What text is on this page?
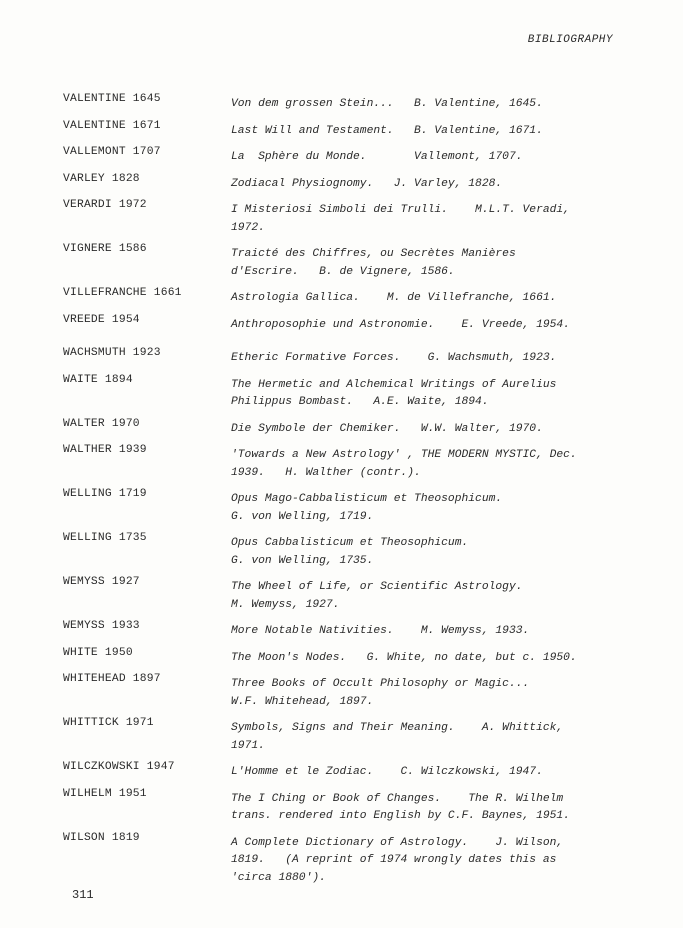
BIBLIOGRAPHY
VALENTINE 1645	Von dem grossen Stein...   B. Valentine, 1645.
VALENTINE 1671	Last Will and Testament.   B. Valentine, 1671.
VALLEMONT 1707	La  Sphère du Monde.       Vallemont, 1707.
VARLEY 1828	Zodiacal Physiognomy.   J. Varley, 1828.
VERARDI 1972	I Misteriosi Simboli dei Trulli.    M.L.T. Veradi,
1972.
VIGNERE 1586	Traicté des Chiffres, ou Secrètes Manières
d'Escrire.   B. de Vignere, 1586.
VILLEFRANCHE 1661	Astrologia Gallica.    M. de Villefranche, 1661.
VREEDE 1954	Anthroposophie und Astronomie.    E. Vreede, 1954.
WACHSMUTH 1923	Etheric Formative Forces.    G. Wachsmuth, 1923.
WAITE 1894	The Hermetic and Alchemical Writings of Aurelius
Philippus Bombast.   A.E. Waite, 1894.
WALTER 1970	Die Symbole der Chemiker.   W.W. Walter, 1970.
WALTHER 1939	'Towards a New Astrology' , THE MODERN MYSTIC, Dec.
1939.   H. Walther (contr.).
WELLING 1719	Opus Mago-Cabbalisticum et Theosophicum.
G. von Welling, 1719.
WELLING 1735	Opus Cabbalisticum et Theosophicum.
G. von Welling, 1735.
WEMYSS 1927	The Wheel of Life, or Scientific Astrology.
M. Wemyss, 1927.
WEMYSS 1933	More Notable Nativities.    M. Wemyss, 1933.
WHITE 1950	The Moon's Nodes.   G. White, no date, but c. 1950.
WHITEHEAD 1897	Three Books of Occult Philosophy or Magic...
W.F. Whitehead, 1897.
WHITTICK 1971	Symbols, Signs and Their Meaning.    A. Whittick,
1971.
WILCZKOWSKI 1947	L'Homme et le Zodiac.    C. Wilczkowski, 1947.
WILHELM 1951	The I Ching or Book of Changes.    The R. Wilhelm
trans. rendered into English by C.F. Baynes, 1951.
WILSON 1819	A Complete Dictionary of Astrology.    J. Wilson,
1819.   (A reprint of 1974 wrongly dates this as
'circa 1880').
311
